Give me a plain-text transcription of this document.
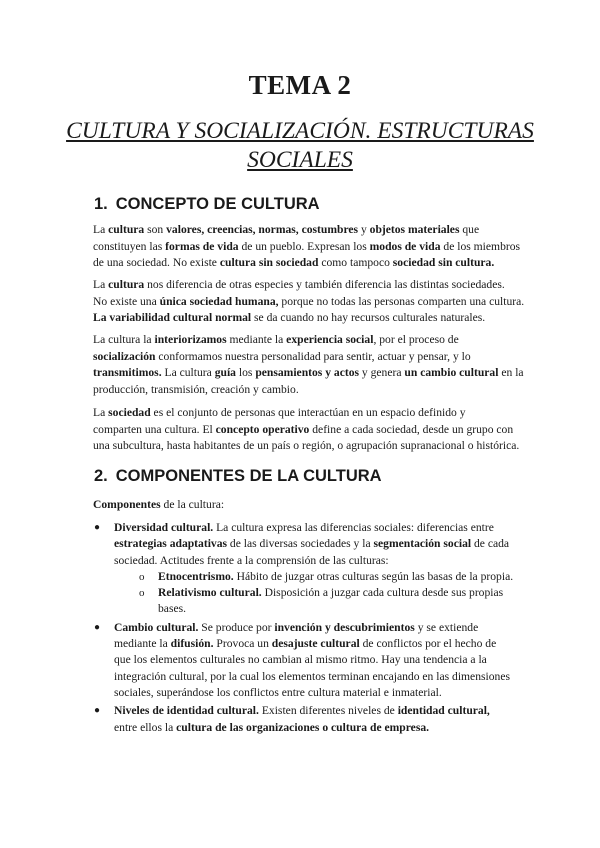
TEMA 2
CULTURA Y SOCIALIZACIÓN. ESTRUCTURAS
SOCIALES
1. CONCEPTO DE CULTURA
La cultura son valores, creencias, normas, costumbres y objetos materiales que
constituyen las formas de vida de un pueblo. Expresan los modos de vida de los miembros
de una sociedad. No existe cultura sin sociedad como tampoco sociedad sin cultura.
La cultura nos diferencia de otras especies y también diferencia las distintas sociedades.
No existe una única sociedad humana, porque no todas las personas comparten una cultura.
La variabilidad cultural normal se da cuando no hay recursos culturales naturales.
La cultura la interiorizamos mediante la experiencia social, por el proceso de
socialización conformamos nuestra personalidad para sentir, actuar y pensar, y lo
transmitimos. La cultura guía los pensamientos y actos y genera un cambio cultural en la
producción, transmisión, creación y cambio.
La sociedad es el conjunto de personas que interactúan en un espacio definido y
comparten una cultura. El concepto operativo define a cada sociedad, desde un grupo con
una subcultura, hasta habitantes de un país o región, o agrupación supranacional o histórica.
2. COMPONENTES DE LA CULTURA
Componentes de la cultura:
● Diversidad cultural. La cultura expresa las diferencias sociales: diferencias entre
estrategias adaptativas de las diversas sociedades y la segmentación social de cada
sociedad. Actitudes frente a la comprensión de las culturas:
o Etnocentrismo. Hábito de juzgar otras culturas según las basas de la propia.
o Relativismo cultural. Disposición a juzgar cada cultura desde sus propias
bases.
● Cambio cultural. Se produce por invención y descubrimientos y se extiende
mediante la difusión. Provoca un desajuste cultural de conflictos por el hecho de
que los elementos culturales no cambian al mismo ritmo. Hay una tendencia a la
integración cultural, por la cual los elementos terminan encajando en las dimensiones
sociales, superándose los conflictos entre cultura material e inmaterial.
● Niveles de identidad cultural. Existen diferentes niveles de identidad cultural,
entre ellos la cultura de las organizaciones o cultura de empresa.
